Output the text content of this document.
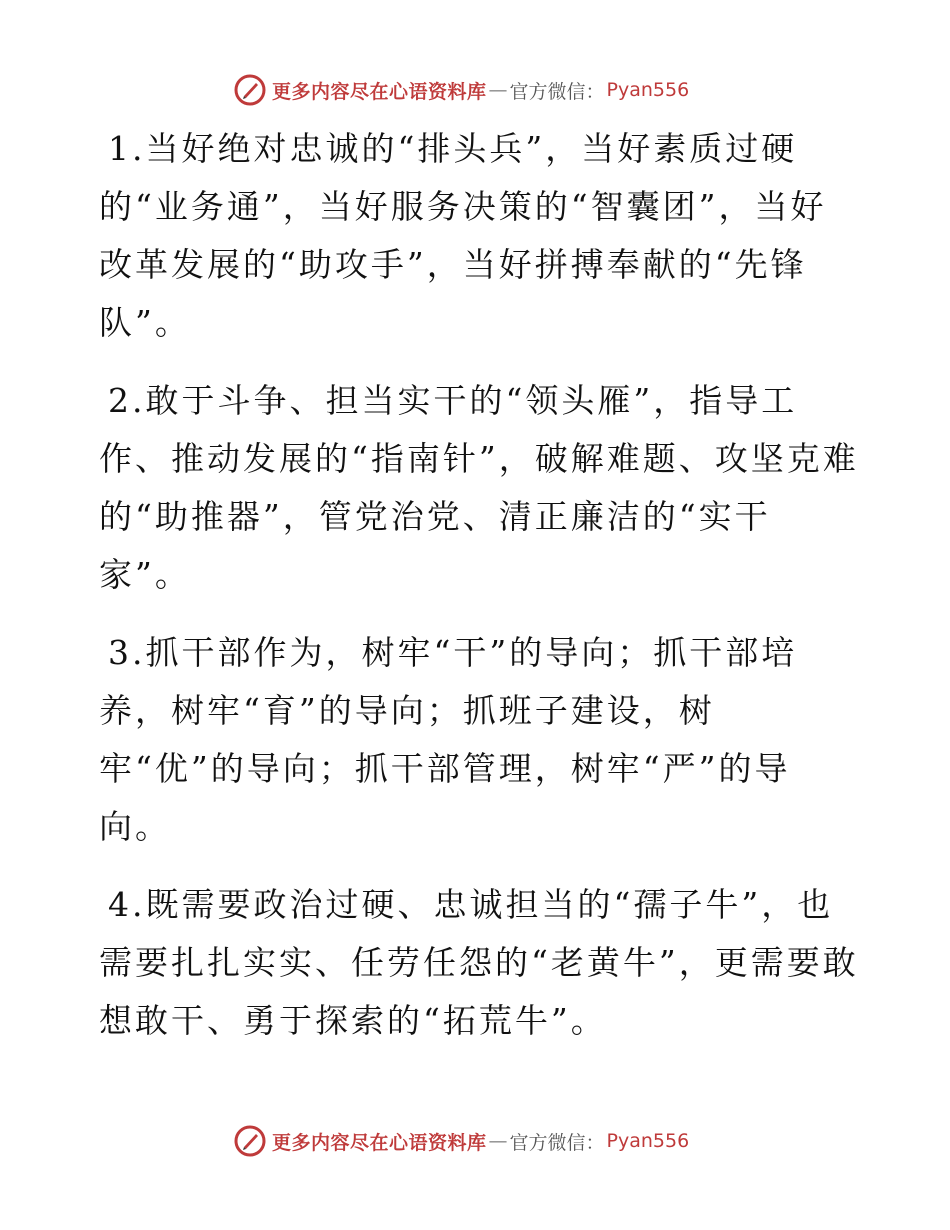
更多内容尽在心语资料库 — 官方微信： Pyan556
1.当好绝对忠诚的“排头兵”，当好素质过硬
的“业务通”，当好服务决策的“智囊团”，当好
改革发展的“助攻手”，当好拼搏奉献的“先锋
队”。
2.敢于斗争、担当实干的“领头雁”，指导工
作、推动发展的“指南针”，破解难题、攻坚克难
的“助推器”，管党治党、清正廉洁的“实干
家”。
3.抓干部作为，树牢“干”的导向；抓干部培
养，树牢“育”的导向；抓班子建设，树
牢“优”的导向；抓干部管理，树牢“严”的导
向。
4.既需要政治过硬、忠诚担当的“孺子牛”，也
需要扎扎实实、任劳任怨的“老黄牛”，更需要敢
想敢干、勇于探索的“拓荒牛”。
更多内容尽在心语资料库 — 官方微信： Pyan556
